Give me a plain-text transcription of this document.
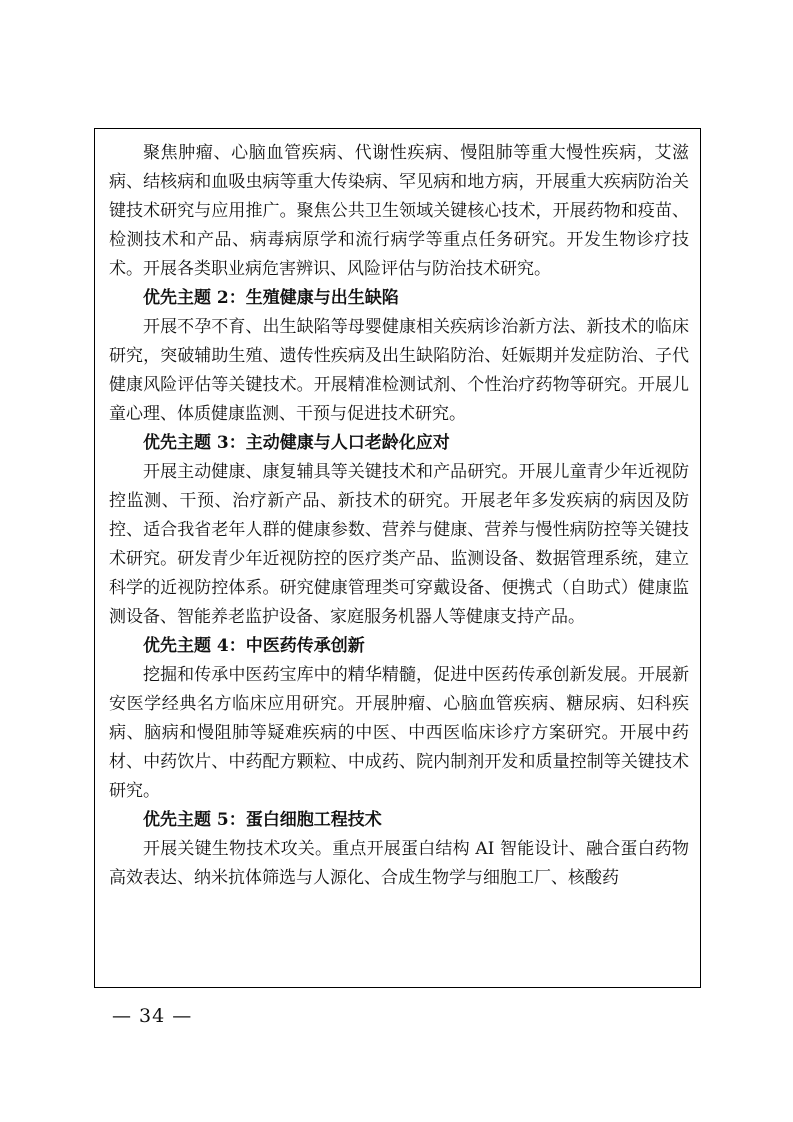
聚焦肿瘤、心脑血管疾病、代谢性疾病、慢阻肺等重大慢性疾病，艾滋病、结核病和血吸虫病等重大传染病、罕见病和地方病，开展重大疾病防治关键技术研究与应用推广。聚焦公共卫生领域关键核心技术，开展药物和疫苗、检测技术和产品、病毒病原学和流行病学等重点任务研究。开发生物诊疗技术。开展各类职业病危害辨识、风险评估与防治技术研究。

优先主题 2：生殖健康与出生缺陷

开展不孕不育、出生缺陷等母婴健康相关疾病诊治新方法、新技术的临床研究，突破辅助生殖、遗传性疾病及出生缺陷防治、妊娠期并发症防治、子代健康风险评估等关键技术。开展精准检测试剂、个性治疗药物等研究。开展儿童心理、体质健康监测、干预与促进技术研究。

优先主题 3：主动健康与人口老龄化应对

开展主动健康、康复辅具等关键技术和产品研究。开展儿童青少年近视防控监测、干预、治疗新产品、新技术的研究。开展老年多发疾病的病因及防控、适合我省老年人群的健康参数、营养与健康、营养与慢性病防控等关键技术研究。研发青少年近视防控的医疗类产品、监测设备、数据管理系统，建立科学的近视防控体系。研究健康管理类可穿戴设备、便携式（自助式）健康监测设备、智能养老监护设备、家庭服务机器人等健康支持产品。

优先主题 4：中医药传承创新

挖掘和传承中医药宝库中的精华精髓，促进中医药传承创新发展。开展新安医学经典名方临床应用研究。开展肿瘤、心脑血管疾病、糖尿病、妇科疾病、脑病和慢阻肺等疑难疾病的中医、中西医临床诊疗方案研究。开展中药材、中药饮片、中药配方颗粒、中成药、院内制剂开发和质量控制等关键技术研究。

优先主题 5：蛋白细胞工程技术

开展关键生物技术攻关。重点开展蛋白结构 AI 智能设计、融合蛋白药物高效表达、纳米抗体筛选与人源化、合成生物学与细胞工厂、核酸药

— 34 —
